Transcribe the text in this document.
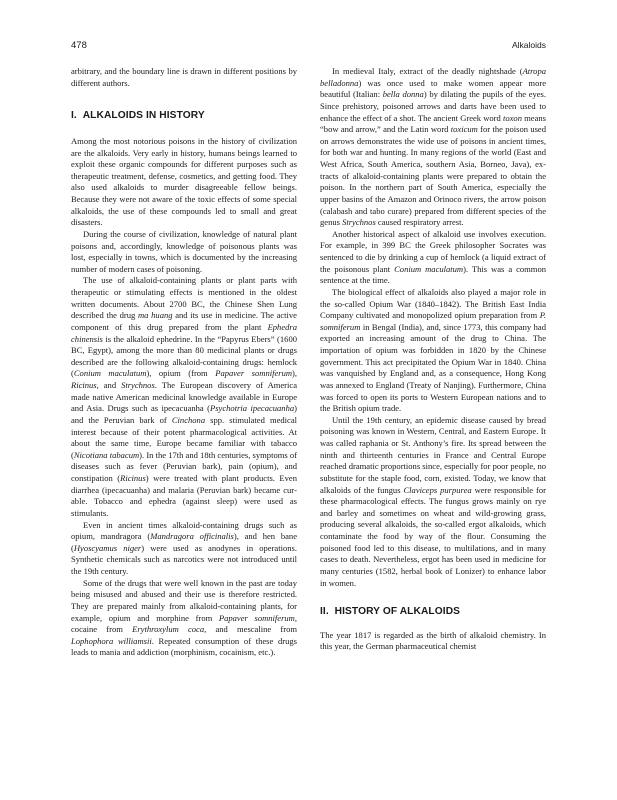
478	Alkaloids

arbitrary, and the boundary line is drawn in different positions by different authors.

I.  ALKALOIDS IN HISTORY

Among the most notorious poisons in the history of civilization are the alkaloids. Very early in history, humans beings learned to exploit these organic compounds for different purposes such as therapeutic treatment, defense, cosmetics, and getting food. They also used alkaloids to murder disagreeable fellow beings. Because they were not aware of the toxic effects of some special alkaloids, the use of these compounds led to small and great disasters.

During the course of civilization, knowledge of natural plant poisons and, accordingly, knowledge of poisonous plants was lost, especially in towns, which is documented by the increasing number of modern cases of poisoning.

The use of alkaloid-containing plants or plant parts with therapeutic or stimulating effects is mentioned in the oldest written documents. About 2700 BC, the Chinese Shen Lung described the drug ma huang and its use in medicine. The active component of this drug prepared from the plant Ephedra chinensis is the alkaloid ephedrine. In the “Papyrus Ebers” (1600 BC, Egypt), among the more than 80 medicinal plants or drugs described are the following alkaloid-containing drugs: hemlock (Conium maculatum), opium (from Papaver somniferum), Ricinus, and Strychnos. The European discovery of America made native American medicinal knowledge available in Europe and Asia. Drugs such as ipecacuanha (Psychotria ipecacuanha) and the Peruvian bark of Cinchona spp. stimulated medical interest because of their potent pharmacological activities. At about the same time, Europe became familiar with tabacco (Nicotiana tabacum). In the 17th and 18th centuries, symptoms of diseases such as fever (Peruvian bark), pain (opium), and constipation (Ricinus) were treated with plant products. Even diarrhea (ipecacuanha) and malaria (Peruvian bark) became curable. Tobacco and ephedra (against sleep) were used as stimulants.

Even in ancient times alkaloid-containing drugs such as opium, mandragora (Mandragora officinalis), and hen bane (Hyoscyamus niger) were used as anodynes in operations. Synthetic chemicals such as narcotics were not introduced until the 19th century.

Some of the drugs that were well known in the past are today being misused and abused and their use is therefore restricted. They are prepared mainly from alkaloid-containing plants, for example, opium and morphine from Papaver somniferum, cocaine from Erythroxylum coca, and mescaline from Lophophora williamsii. Repeated consumption of these drugs leads to mania and addiction (morphinism, cocainism, etc.).

In medieval Italy, extract of the deadly nightshade (Atropa belladonna) was once used to make women appear more beautiful (Italian: bella donna) by dilating the pupils of the eyes. Since prehistory, poisoned arrows and darts have been used to enhance the effect of a shot. The ancient Greek word toxon means “bow and arrow,” and the Latin word toxicum for the poison used on arrows demonstrates the wide use of poisons in ancient times, for both war and hunting. In many regions of the world (East and West Africa, South America, southern Asia, Borneo, Java), extracts of alkaloid-containing plants were prepared to obtain the poison. In the northern part of South America, especially the upper basins of the Amazon and Orinoco rivers, the arrow poison (calabash and tabo curare) prepared from different species of the genus Strychnos caused respiratory arrest.

Another historical aspect of alkaloid use involves execution. For example, in 399 BC the Greek philosopher Socrates was sentenced to die by drinking a cup of hemlock (a liquid extract of the poisonous plant Conium maculatum). This was a common sentence at the time.

The biological effect of alkaloids also played a major role in the so-called Opium War (1840–1842). The British East India Company cultivated and monopolized opium preparation from P. somniferum in Bengal (India), and, since 1773, this company had exported an increasing amount of the drug to China. The importation of opium was forbidden in 1820 by the Chinese government. This act precipitated the Opium War in 1840. China was vanquished by England and, as a consequence, Hong Kong was annexed to England (Treaty of Nanjing). Furthermore, China was forced to open its ports to Western European nations and to the British opium trade.

Until the 19th century, an epidemic disease caused by bread poisoning was known in Western, Central, and Eastern Europe. It was called raphania or St. Anthony’s fire. Its spread between the ninth and thirteenth centuries in France and Central Europe reached dramatic proportions since, especially for poor people, no substitute for the staple food, corn, existed. Today, we know that alkaloids of the fungus Claviceps purpurea were responsible for these pharmacological effects. The fungus grows mainly on rye and barley and sometimes on wheat and wild-growing grass, producing several alkaloids, the so-called ergot alkaloids, which contaminate the food by way of the flour. Consuming the poisoned food led to this disease, to multilations, and in many cases to death. Nevertheless, ergot has been used in medicine for many centuries (1582, herbal book of Lonizer) to enhance labor in women.

II.  HISTORY OF ALKALOIDS

The year 1817 is regarded as the birth of alkaloid chemistry. In this year, the German pharmaceutical chemist
